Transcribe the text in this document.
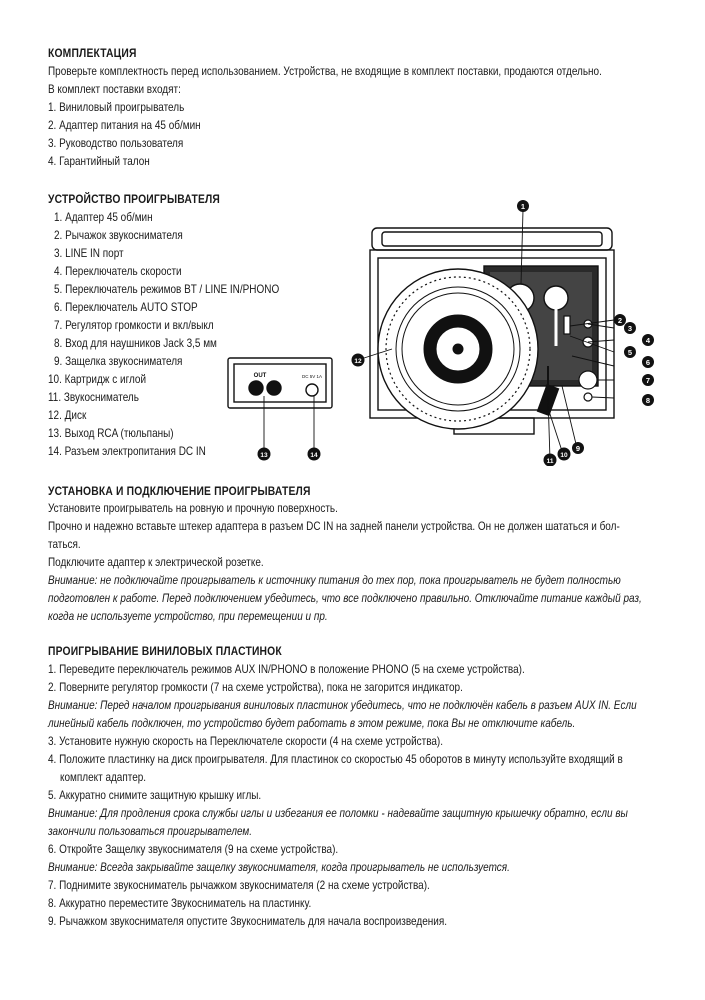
КОМПЛЕКТАЦИЯ

Проверьте комплектность перед использованием. Устройства, не входящие в комплект поставки, продаются отдельно.

В комплект поставки входят:

1. Виниловый проигрыватель

2. Адаптер питания на 45 об/мин

3. Руководство пользователя

4. Гарантийный талон

УСТРОЙСТВО ПРОИГРЫВАТЕЛЯ

1. Адаптер 45 об/мин

2. Рычажок звукоснимателя

3. LINE IN порт

4. Переключатель скорости

5. Переключатель режимов BT / LINE IN/PHONO

6. Переключатель AUTO STOP

7. Регулятор громкости и вкл/выкл

8. Вход для наушников Jack 3,5 мм

9. Защелка звукоснимателя

10. Картридж с иглой

11. Звукосниматель

12. Диск

13. Выход RCA (тюльпаны)

14. Разъем электропитания DC IN

OUT	DC 5V 1A
1
2
3
4
5
6
7
8
9
10
11
12
13	14

УСТАНОВКА И ПОДКЛЮЧЕНИЕ ПРОИГРЫВАТЕЛЯ

Установите проигрыватель на ровную и прочную поверхность.

Прочно и надежно вставьте штекер адаптера в разъем DC IN на задней панели устройства. Он не должен шататься и бол-

таться.

Подключите адаптер к электрической розетке.

Внимание: не подключайте проигрыватель к источнику питания до тех пор, пока проигрыватель не будет полностью

подготовлен к работе. Перед подключением убедитесь, что все подключено правильно. Отключайте питание каждый раз,

когда не используете устройство, при перемещении и пр.

ПРОИГРЫВАНИЕ ВИНИЛОВЫХ ПЛАСТИНОК

1. Переведите переключатель режимов AUX IN/PHONO в положение PHONO (5 на схеме устройства).

2. Поверните регулятор громкости (7 на схеме устройства), пока не загорится индикатор.

Внимание: Перед началом проигрывания виниловых пластинок убедитесь, что не подключён кабель в разъем AUX IN. Если

линейный кабель подключен, то устройство будет работать в этом режиме, пока Вы не отключите кабель.

3. Установите нужную скорость на Переключателе скорости (4 на схеме устройства).

4. Положите пластинку на диск проигрывателя. Для пластинок со скоростью 45 оборотов в минуту используйте входящий в

комплект адаптер.

5. Аккуратно снимите защитную крышку иглы.

Внимание: Для продления срока службы иглы и избегания ее поломки - надевайте защитную крышечку обратно, если вы

закончили пользоваться проигрывателем.

6. Откройте Защелку звукоснимателя (9 на схеме устройства).

Внимание: Всегда закрывайте защелку звукоснимателя, когда проигрыватель не используется.

7. Поднимите звукосниматель рычажком звукоснимателя (2 на схеме устройства).

8. Аккуратно переместите Звукосниматель на пластинку.

9. Рычажком звукоснимателя опустите Звукосниматель для начала воспроизведения.
